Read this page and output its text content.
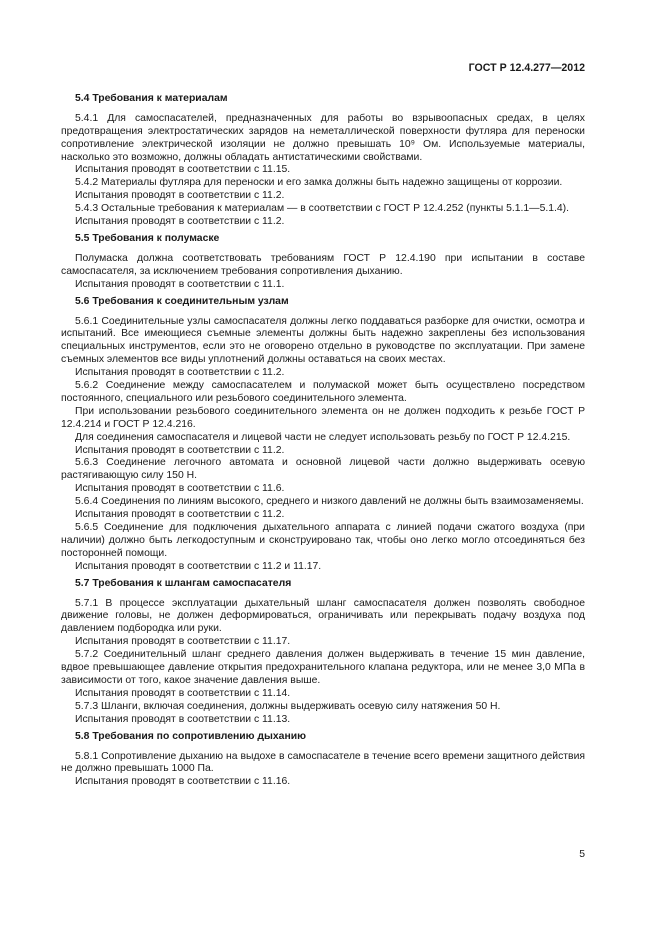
ГОСТ Р 12.4.277—2012
5.4 Требования к материалам
5.4.1 Для самоспасателей, предназначенных для работы во взрывоопасных средах, в целях предотвращения электростатических зарядов на неметаллической поверхности футляра для переноски сопротивление электрической изоляции не должно превышать 10⁹ Ом. Используемые материалы, насколько это возможно, должны обладать антистатическими свойствами.
Испытания проводят в соответствии с 11.15.
5.4.2 Материалы футляра для переноски и его замка должны быть надежно защищены от коррозии.
Испытания проводят в соответствии с 11.2.
5.4.3 Остальные требования к материалам — в соответствии с ГОСТ Р 12.4.252 (пункты 5.1.1—5.1.4).
Испытания проводят в соответствии с 11.2.
5.5 Требования к полумаске
Полумаска должна соответствовать требованиям ГОСТ Р 12.4.190 при испытании в составе самоспасателя, за исключением требования сопротивления дыханию.
Испытания проводят в соответствии с 11.1.
5.6 Требования к соединительным узлам
5.6.1 Соединительные узлы самоспасателя должны легко поддаваться разборке для очистки, осмотра и испытаний. Все имеющиеся съемные элементы должны быть надежно закреплены без использования специальных инструментов, если это не оговорено отдельно в руководстве по эксплуатации. При замене съемных элементов все виды уплотнений должны оставаться на своих местах.
Испытания проводят в соответствии с 11.2.
5.6.2 Соединение между самоспасателем и полумаской может быть осуществлено посредством постоянного, специального или резьбового соединительного элемента.
При использовании резьбового соединительного элемента он не должен подходить к резьбе ГОСТ Р 12.4.214 и ГОСТ Р 12.4.216.
Для соединения самоспасателя и лицевой части не следует использовать резьбу по ГОСТ Р 12.4.215.
Испытания проводят в соответствии с 11.2.
5.6.3 Соединение легочного автомата и основной лицевой части должно выдерживать осевую растягивающую силу 150 Н.
Испытания проводят в соответствии с 11.6.
5.6.4 Соединения по линиям высокого, среднего и низкого давлений не должны быть взаимозаменяемы.
Испытания проводят в соответствии с 11.2.
5.6.5 Соединение для подключения дыхательного аппарата с линией подачи сжатого воздуха (при наличии) должно быть легкодоступным и сконструировано так, чтобы оно легко могло отсоединяться без посторонней помощи.
Испытания проводят в соответствии с 11.2 и 11.17.
5.7 Требования к шлангам самоспасателя
5.7.1 В процессе эксплуатации дыхательный шланг самоспасателя должен позволять свободное движение головы, не должен деформироваться, ограничивать или перекрывать подачу воздуха под давлением подбородка или руки.
Испытания проводят в соответствии с 11.17.
5.7.2 Соединительный шланг среднего давления должен выдерживать в течение 15 мин давление, вдвое превышающее давление открытия предохранительного клапана редуктора, или не менее 3,0 МПа в зависимости от того, какое значение давления выше.
Испытания проводят в соответствии с 11.14.
5.7.3 Шланги, включая соединения, должны выдерживать осевую силу натяжения 50 Н.
Испытания проводят в соответствии с 11.13.
5.8 Требования по сопротивлению дыханию
5.8.1 Сопротивление дыханию на выдохе в самоспасателе в течение всего времени защитного действия не должно превышать 1000 Па.
Испытания проводят в соответствии с 11.16.
5
